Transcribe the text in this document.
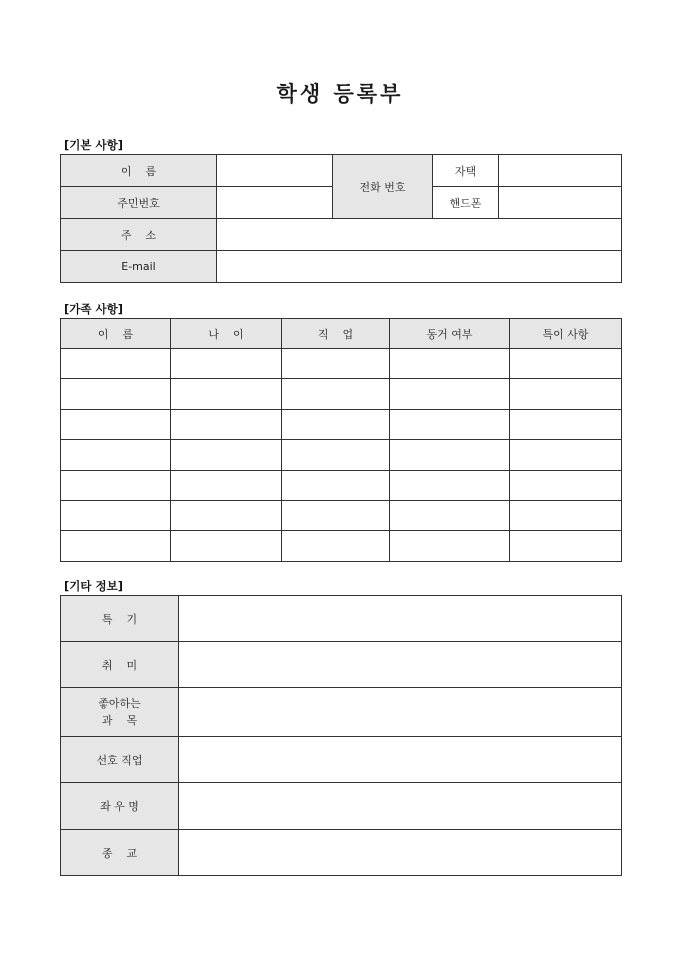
학생 등록부
[기본 사항]
이    름		전화 번호	자택	
주민번호			핸드폰	
주    소				
E-mail				
[가족 사항]
이    름	나    이	직    업	동거 여부	특이 사항

[기타 정보]
특    기	
취    미	

좋아하는
과    목	

선호 직업	
좌 우 명	
종    교	
